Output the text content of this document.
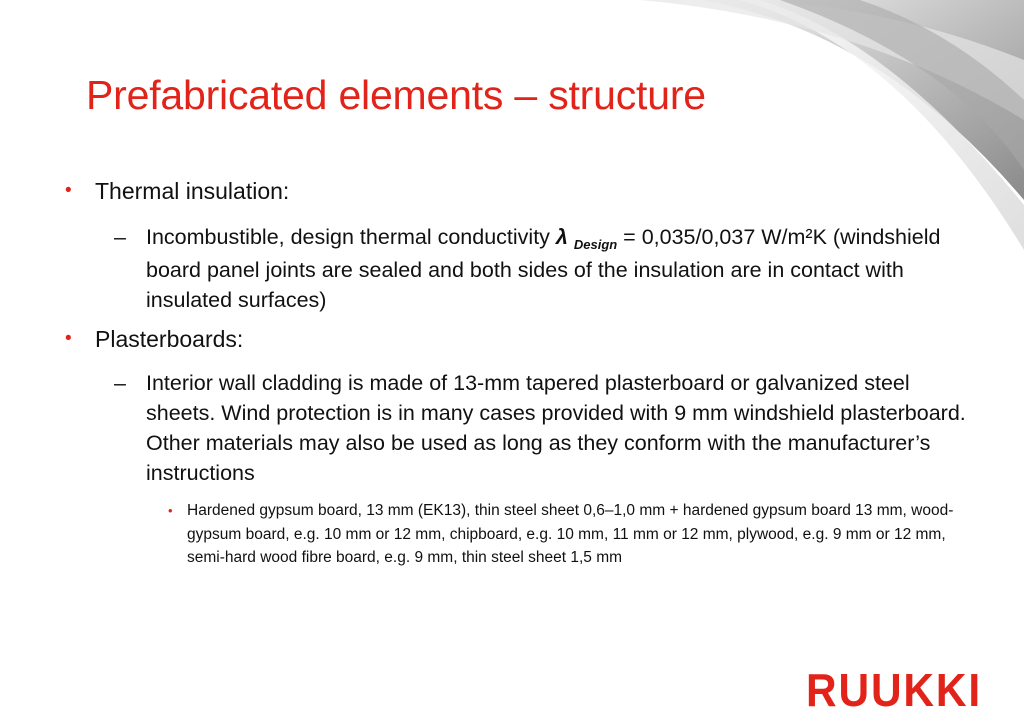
Prefabricated elements – structure
• Thermal insulation:
– Incombustible, design thermal conductivity λ $_{Design}$ = 0,035/0,037 W/m²K (windshield board panel joints are sealed and both sides of the insulation are in contact with insulated surfaces)

• Plasterboards:
– Interior wall cladding is made of 13-mm tapered plasterboard or galvanized steel sheets. Wind protection is in many cases provided with 9 mm windshield plasterboard. Other materials may also be used as long as they conform with the manufacturer’s instructions

• Hardened gypsum board, 13 mm (EK13), thin steel sheet 0,6–1,0 mm + hardened gypsum board 13 mm, wood-gypsum board, e.g. 10 mm or 12 mm, chipboard, e.g. 10 mm, 11 mm or 12 mm, plywood, e.g. 9 mm or 12 mm, semi-hard wood fibre board, e.g. 9 mm, thin steel sheet 1,5 mm

RUUKKI
